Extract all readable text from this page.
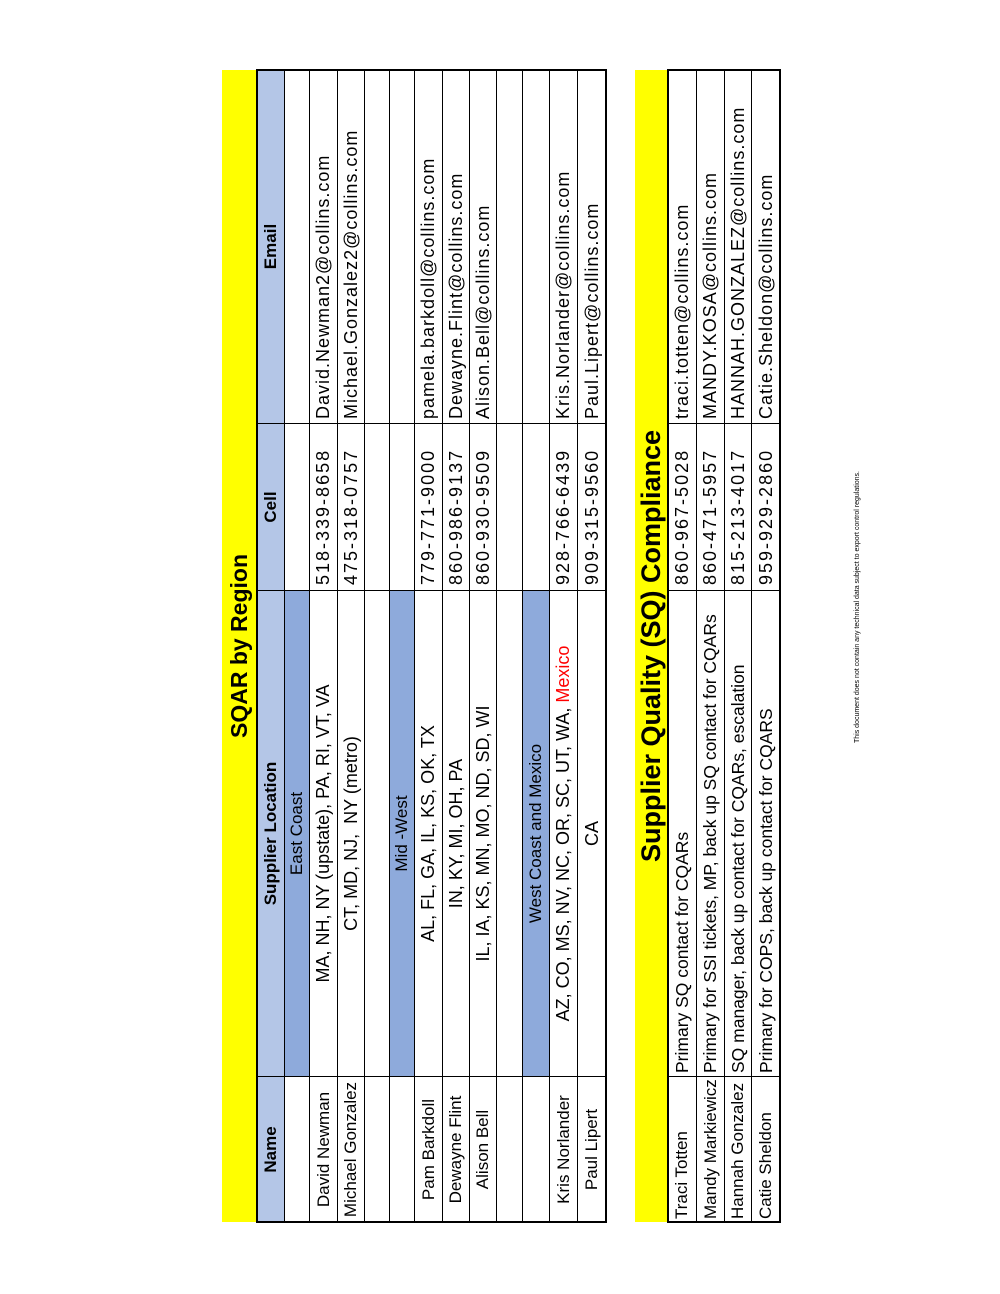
SQAR by Region
Name
Supplier Location
Cell
Email
East Coast
David Newman
MA, NH, NY (upstate), PA, RI, VT, VA
518-339-8658
David.Newman2@collins.com
Michael Gonzalez
CT, MD, NJ,  NY (metro)
475-318-0757
Michael.Gonzalez2@collins.com
Mid -West
Pam Barkdoll
AL, FL, GA, IL, KS, OK, TX
779-771-9000
pamela.barkdoll@collins.com
Dewayne Flint
IN, KY, MI, OH, PA
860-986-9137
Dewayne.Flint@collins.com
Alison Bell
IL, IA, KS, MN, MO, ND, SD, WI
860-930-9509
Alison.Bell@collins.com
West Coast and Mexico
Kris Norlander
AZ, CO, MS, NV, NC, OR, SC, UT, WA,Mexico
928-766-6439
Kris.Norlander@collins.com
Paul Lipert
CA
909-315-9560
Paul.Lipert@collins.com
Supplier Quality (SQ) Compliance
Traci Totten
Primary SQ contact for CQARs
860-967-5028
traci.totten@collins.com
Mandy Markiewicz
Primary for SSI tickets, MP, back up SQ contact for CQARs
860-471-5957
MANDY.KOSA@collins.com
Hannah Gonzalez
SQ manager, back up contact for CQARs, escalation
815-213-4017
HANNAH.GONZALEZ@collins.com
Catie Sheldon
Primary for COPS, back up contact for CQARS
959-929-2860
Catie.Sheldon@collins.com
This document does not contain any technical data subject to export control regulations.
